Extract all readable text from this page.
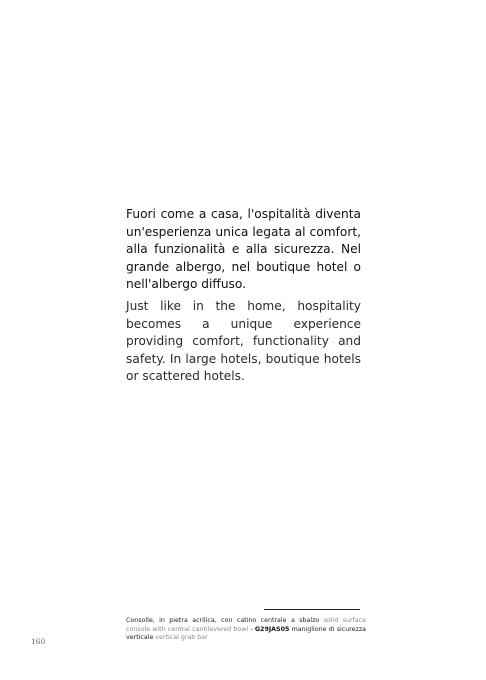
Fuori come a casa, l'ospitalità diventa un'esperienza unica legata al comfort, alla funzionalità e alla sicurezza. Nel grande albergo, nel boutique hotel o nell'albergo diffuso.

Just like in the home, hospitality becomes a unique experience providing comfort, functionality and safety. In large hotels, boutique hotels or scattered hotels.

Consolle, in pietra acrilica, con catino centrale a sbalzo solid surface console with central cantilevered bowl - G29JAS05 maniglione di sicurezza verticale vertical grab bar

160
